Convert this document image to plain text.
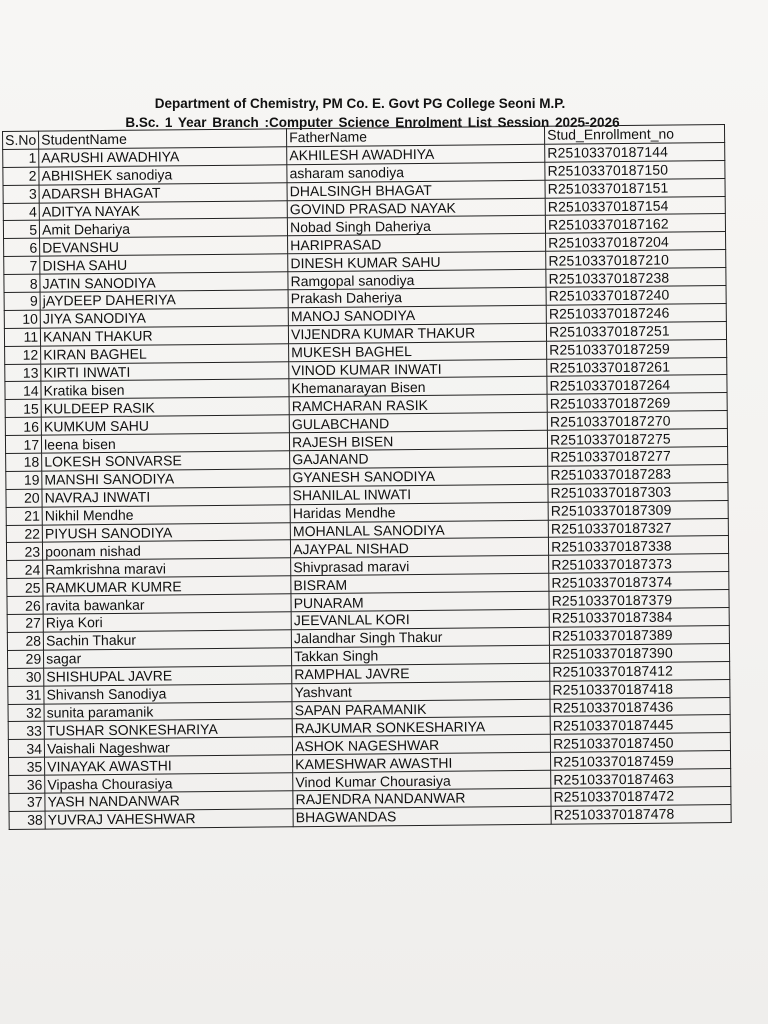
Department of Chemistry, PM Co. E. Govt PG College Seoni M.P.
B.Sc. 1 Year Branch :Computer Science Enrolment List Session 2025-2026
S.No	StudentName	FatherName	Stud_Enrollment_no
1	AARUSHI AWADHIYA	AKHILESH AWADHIYA	R25103370187144
2	ABHISHEK sanodiya	asharam sanodiya	R25103370187150
3	ADARSH BHAGAT	DHALSINGH BHAGAT	R25103370187151
4	ADITYA NAYAK	GOVIND PRASAD NAYAK	R25103370187154
5	Amit Dehariya	Nobad Singh Daheriya	R25103370187162
6	DEVANSHU	HARIPRASAD	R25103370187204
7	DISHA SAHU	DINESH KUMAR SAHU	R25103370187210
8	JATIN SANODIYA	Ramgopal sanodiya	R25103370187238
9	jAYDEEP DAHERIYA	Prakash Daheriya	R25103370187240
10	JIYA SANODIYA	MANOJ SANODIYA	R25103370187246
11	KANAN THAKUR	VIJENDRA KUMAR THAKUR	R25103370187251
12	KIRAN BAGHEL	MUKESH BAGHEL	R25103370187259
13	KIRTI INWATI	VINOD KUMAR INWATI	R25103370187261
14	Kratika bisen	Khemanarayan Bisen	R25103370187264
15	KULDEEP RASIK	RAMCHARAN RASIK	R25103370187269
16	KUMKUM SAHU	GULABCHAND	R25103370187270
17	leena bisen	RAJESH BISEN	R25103370187275
18	LOKESH SONVARSE	GAJANAND	R25103370187277
19	MANSHI SANODIYA	GYANESH SANODIYA	R25103370187283
20	NAVRAJ INWATI	SHANILAL INWATI	R25103370187303
21	Nikhil Mendhe	Haridas Mendhe	R25103370187309
22	PIYUSH SANODIYA	MOHANLAL SANODIYA	R25103370187327
23	poonam nishad	AJAYPAL NISHAD	R25103370187338
24	Ramkrishna maravi	Shivprasad maravi	R25103370187373
25	RAMKUMAR KUMRE	BISRAM	R25103370187374
26	ravita bawankar	PUNARAM	R25103370187379
27	Riya Kori	JEEVANLAL KORI	R25103370187384
28	Sachin Thakur	Jalandhar Singh Thakur	R25103370187389
29	sagar	Takkan Singh	R25103370187390
30	SHISHUPAL JAVRE	RAMPHAL JAVRE	R25103370187412
31	Shivansh Sanodiya	Yashvant	R25103370187418
32	sunita paramanik	SAPAN PARAMANIK	R25103370187436
33	TUSHAR SONKESHARIYA	RAJKUMAR SONKESHARIYA	R25103370187445
34	Vaishali Nageshwar	ASHOK NAGESHWAR	R25103370187450
35	VINAYAK AWASTHI	KAMESHWAR AWASTHI	R25103370187459
36	Vipasha Chourasiya	Vinod Kumar Chourasiya	R25103370187463
37	YASH NANDANWAR	RAJENDRA NANDANWAR	R25103370187472
38	YUVRAJ VAHESHWAR	BHAGWANDAS	R25103370187478
